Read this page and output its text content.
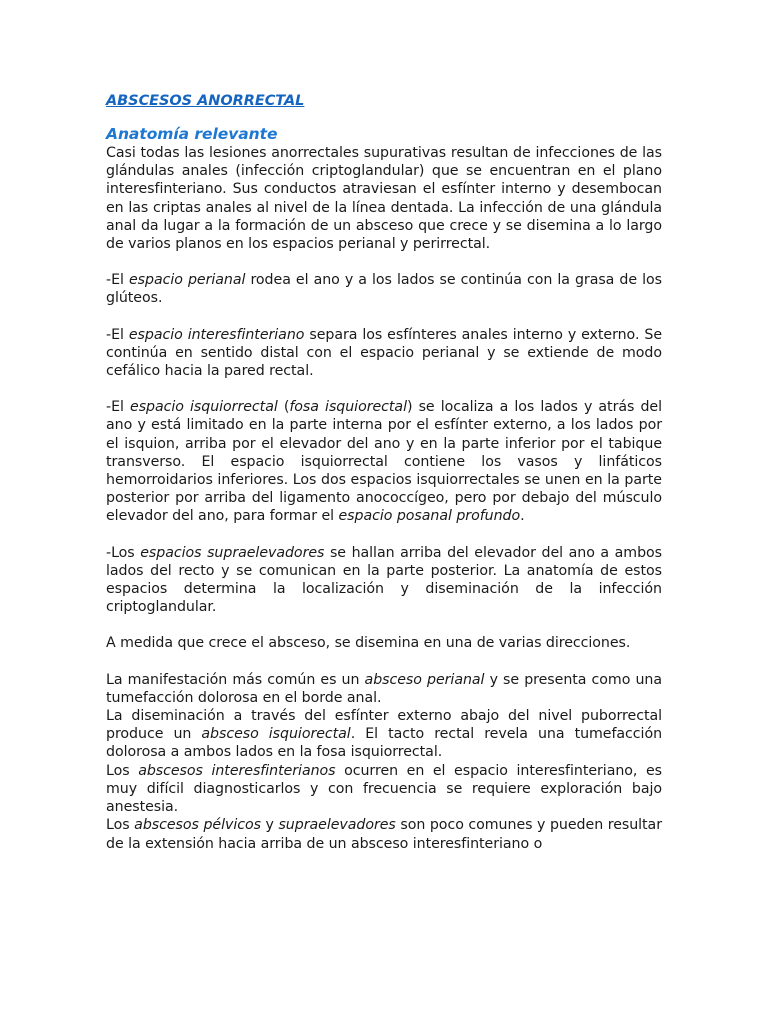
ABSCESOS ANORRECTAL
Anatomía relevante

Casi todas las lesiones anorrectales supurativas resultan de infecciones de las glándulas anales (infección criptoglandular) que se encuentran en el plano interesfinteriano. Sus conductos atraviesan el esfínter interno y desembocan en las criptas anales al nivel de la línea dentada. La infección de una glándula anal da lugar a la formación de un absceso que crece y se disemina a lo largo de varios planos en los espacios perianal y perirrectal.

-El espacio perianal rodea el ano y a los lados se continúa con la grasa de los glúteos.

-El espacio interesfinteriano separa los esfínteres anales interno y externo. Se continúa en sentido distal con el espacio perianal y se extiende de modo cefálico hacia la pared rectal.

-El espacio isquiorrectal (fosa isquiorectal) se localiza a los lados y atrás del ano y está limitado en la parte interna por el esfínter externo, a los lados por el isquion, arriba por el elevador del ano y en la parte inferior por el tabique transverso. El espacio isquiorrectal contiene los vasos y linfáticos hemorroidarios inferiores. Los dos espacios isquiorrectales se unen en la parte posterior por arriba del ligamento anococcígeo, pero por debajo del músculo elevador del ano, para formar el espacio posanal profundo.

-Los espacios supraelevadores se hallan arriba del elevador del ano a ambos lados del recto y se comunican en la parte posterior. La anatomía de estos espacios determina la localización y diseminación de la infección criptoglandular.

A medida que crece el absceso, se disemina en una de varias direcciones.

La manifestación más común es un absceso perianal y se presenta como una tumefacción dolorosa en el borde anal.

La diseminación a través del esfínter externo abajo del nivel puborrectal produce un absceso isquiorectal. El tacto rectal revela una tumefacción dolorosa a ambos lados en la fosa isquiorrectal.

Los abscesos interesfinterianos ocurren en el espacio interesfinteriano, es muy difícil diagnosticarlos y con frecuencia se requiere exploración bajo anestesia.

Los abscesos pélvicos y supraelevadores son poco comunes y pueden resultar de la extensión hacia arriba de un absceso interesfinteriano o
